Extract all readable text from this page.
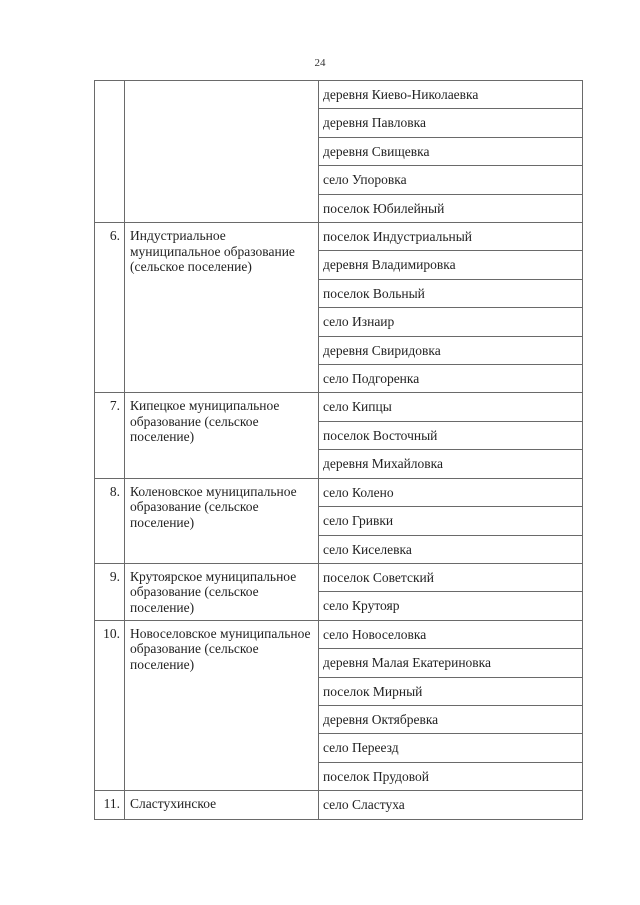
24
		деревня Киево-Николаевка
		деревня Павловка
		деревня Свищевка
		село Упоровка
		поселок Юбилейный
6.	Индустриальное муниципальное образование (сельское поселение)	поселок Индустриальный
		деревня Владимировка
		поселок Вольный
		село Изнаир
		деревня Свиридовка
		село Подгоренка
7.	Кипецкое муниципальное образование (сельское поселение)	село Кипцы
		поселок Восточный
		деревня Михайловка
8.	Коленовское муниципальное образование (сельское поселение)	село Колено
		село Гривки
		село Киселевка
9.	Крутоярское муниципальное образование (сельское поселение)	поселок Советский
		село Крутояр
10.	Новоселовское муниципальное образование (сельское поселение)	село Новоселовка
		деревня Малая Екатериновка
		поселок Мирный
		деревня Октябревка
		село Переезд
		поселок Прудовой
11.	Сластухинское	село Сластуха
